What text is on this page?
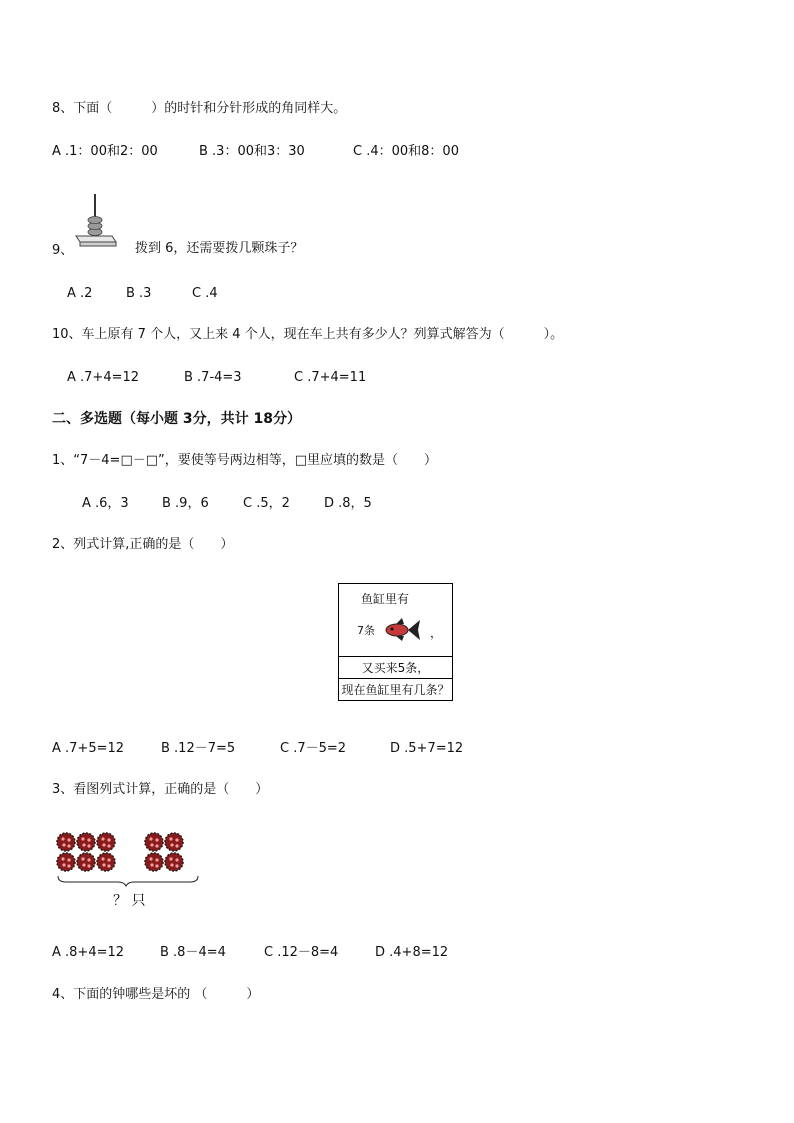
8、下面（　　　）的时针和分针形成的角同样大。
A .1：00和2：00	B .3：00和3：30	C .4：00和8：00
9、	拨到 6，还需要拨几颗珠子？
A .2	B .3	C .4
10、车上原有 7 个人，又上来 4 个人，现在车上共有多少人？列算式解答为（　　　）。
A .7+4=12	B .7-4=3	C .7+4=11
二、多选题（每小题 3分，共计 18分）
1、“7－4=□－□”，要使等号两边相等，□里应填的数是（　　）
A .6，3	B .9，6	C .5，2	D .8，5
2、列式计算,正确的是（　　）
鱼缸里有
7条	，
又买来5条，
现在鱼缸里有几条？
A .7+5=12	B .12－7=5	C .7－5=2	D .5+7=12
3、看图列式计算，正确的是（　　）
？ 只
A .8+4=12	B .8－4=4	C .12－8=4	D .4+8=12
4、下面的钟哪些是坏的 （　　　）
